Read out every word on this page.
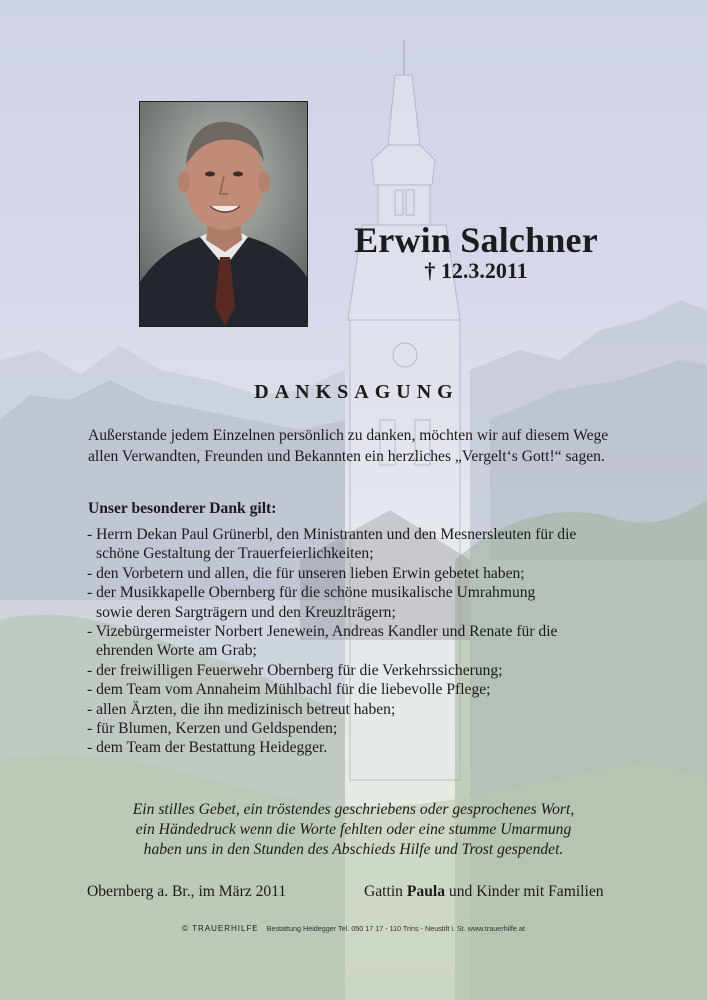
Erwin Salchner
† 12.3.2011
DANKSAGUNG
Außerstande jedem Einzelnen persönlich zu danken, möchten wir auf diesem Wege
allen Verwandten, Freunden und Bekannten ein herzliches „Vergelt‘s Gott!“ sagen.
Unser besonderer Dank gilt:
- Herrn Dekan Paul Grünerbl, den Ministranten und den Mesnersleuten für die
schöne Gestaltung der Trauerfeierlichkeiten;
- den Vorbetern und allen, die für unseren lieben Erwin gebetet haben;
- der Musikkapelle Obernberg für die schöne musikalische Umrahmung
sowie deren Sargträgern und den Kreuzlträgern;
- Vizebürgermeister Norbert Jenewein, Andreas Kandler und Renate für die
ehrenden Worte am Grab;
- der freiwilligen Feuerwehr Obernberg für die Verkehrssicherung;
- dem Team vom Annaheim Mühlbachl für die liebevolle Pflege;
- allen Ärzten, die ihn medizinisch betreut haben;
- für Blumen, Kerzen und Geldspenden;
- dem Team der Bestattung Heidegger.
Ein stilles Gebet, ein tröstendes geschriebens oder gesprochenes Wort,
ein Händedruck wenn die Worte fehlten oder eine stumme Umarmung
haben uns in den Stunden des Abschieds Hilfe und Trost gespendet.
Obernberg a. Br., im März 2011	Gattin Paula und Kinder mit Familien
© TRAUERHILFE Bestattung Heidegger Tel. 050 17 17 - 110 Trins - Neustift i. St. www.trauerhilfe.at
